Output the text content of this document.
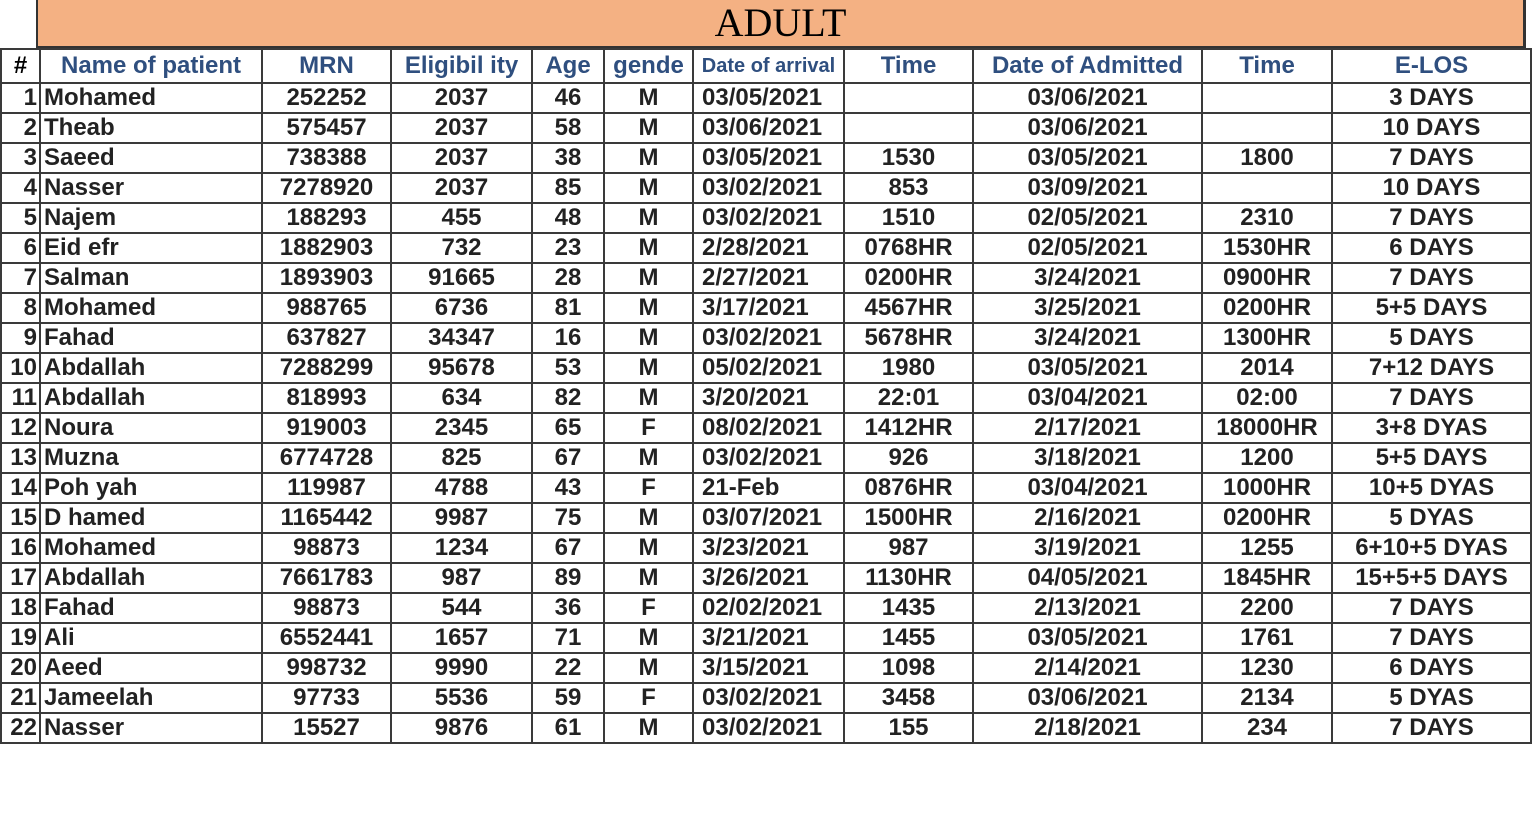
ADULT
#	Name of patient	MRN	Eligibil ity	Age	gende	Date of arrival	Time	Date of Admitted	Time	E-LOS
1	Mohamed	252252	2037	46	M	03/05/2021		03/06/2021		3 DAYS
2	Theab	575457	2037	58	M	03/06/2021		03/06/2021		10 DAYS
3	Saeed	738388	2037	38	M	03/05/2021	1530	03/05/2021	1800	7 DAYS
4	Nasser	7278920	2037	85	M	03/02/2021	853	03/09/2021		10 DAYS
5	Najem	188293	455	48	M	03/02/2021	1510	02/05/2021	2310	7 DAYS
6	Eid efr	1882903	732	23	M	2/28/2021	0768HR	02/05/2021	1530HR	6 DAYS
7	Salman	1893903	91665	28	M	2/27/2021	0200HR	3/24/2021	0900HR	7 DAYS
8	Mohamed	988765	6736	81	M	3/17/2021	4567HR	3/25/2021	0200HR	5+5 DAYS
9	Fahad	637827	34347	16	M	03/02/2021	5678HR	3/24/2021	1300HR	5 DAYS
10	Abdallah	7288299	95678	53	M	05/02/2021	1980	03/05/2021	2014	7+12 DAYS
11	Abdallah	818993	634	82	M	3/20/2021	22:01	03/04/2021	02:00	7 DAYS
12	Noura	919003	2345	65	F	08/02/2021	1412HR	2/17/2021	18000HR	3+8 DYAS
13	Muzna	6774728	825	67	M	03/02/2021	926	3/18/2021	1200	5+5 DAYS
14	Poh yah	119987	4788	43	F	21-Feb	0876HR	03/04/2021	1000HR	10+5 DYAS
15	D hamed	1165442	9987	75	M	03/07/2021	1500HR	2/16/2021	0200HR	5 DYAS
16	Mohamed	98873	1234	67	M	3/23/2021	987	3/19/2021	1255	6+10+5 DYAS
17	Abdallah	7661783	987	89	M	3/26/2021	1130HR	04/05/2021	1845HR	15+5+5 DAYS
18	Fahad	98873	544	36	F	02/02/2021	1435	2/13/2021	2200	7 DAYS
19	Ali	6552441	1657	71	M	3/21/2021	1455	03/05/2021	1761	7 DAYS
20	Aeed	998732	9990	22	M	3/15/2021	1098	2/14/2021	1230	6 DAYS
21	Jameelah	97733	5536	59	F	03/02/2021	3458	03/06/2021	2134	5 DYAS
22	Nasser	15527	9876	61	M	03/02/2021	155	2/18/2021	234	7 DAYS
